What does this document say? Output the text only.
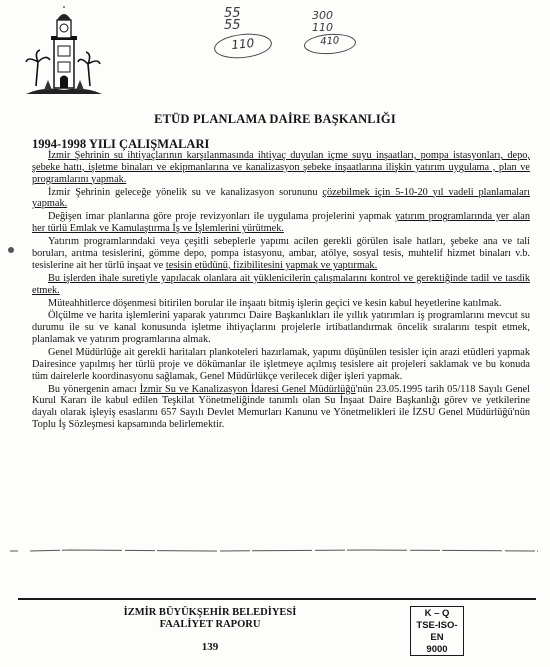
55
55
110
300
110
410
ETÜD PLANLAMA DAİRE BAŞKANLIĞI
1994-1998 YILI ÇALIŞMALARI

İzmir Şehrinin su ihtiyaçlarının karşılanmasında ihtiyaç duyulan içme suyu inşaatları, pompa istasyonları, depo, şebeke hattı, işletme binaları ve ekipmanlarına ve kanalizasyon şebeke inşaatlarına ilişkin yatırım uygulama , plan ve programlarını yapmak.

İzmir Şehrinin geleceğe yönelik su ve kanalizasyon sorununu çözebilmek için 5-10-20 yıl vadeli planlamaları yapmak.

Değişen imar planlarına göre proje revizyonları ile uygulama projelerini yapmak yatırım programlarında yer alan her türlü Emlak ve Kamulaştırma İş ve İşlemlerini yürütmek.

Yatırım programlarındaki veya çeşitli sebeplerle yapımı acilen gerekli görülen isale hatları, şebeke ana ve tali boruları, arıtma tesislerini, gömme depo, pompa istasyonu, ambar, atölye, sosyal tesis, muhtelif hizmet binaları v.b. tesislerine ait her türlü inşaat ve tesisin etüdünü, fizibilitesini yapmak ve yaptırmak.

Bu işlerden ihale suretiyle yapılacak olanlara ait yüklenicilerin çalışmalarını kontrol ve gerektiğinde tadil ve tasdik etmek.

Müteahhitlerce döşenmesi bitirilen borular ile inşaatı bitmiş işlerin geçici ve kesin kabul heyetlerine katılmak.

Ölçülme ve harita işlemlerini yaparak yatırımcı Daire Başkanlıkları ile yıllık yatırımları iş programlarını mevcut su durumu ile su ve kanal konusunda işletme ihtiyaçlarını projelerle irtibatlandırmak öncelik sıralarını tespit etmek, planlamak ve yatırım programlarına almak.

Genel Müdürlüğe ait gerekli haritaları plankoteleri hazırlamak, yapımı düşünülen tesisler için arazi etüdleri yapmak Dairesince yapılmış her türlü proje ve dökümanlar ile işletmeye açılmış tesislere ait projeleri saklamak ve bu konuda tüm dairelerle koordinasyonu sağlamak, Genel Müdürlükçe verilecek diğer işleri yapmak.

Bu yönergenin amacı İzmir Su ve Kanalizasyon İdaresi Genel Müdürlüğü'nün 23.05.1995 tarih 05/118 Sayılı Genel Kurul Kararı ile kabul edilen Teşkilat Yönetmeliğinde tanımlı olan Su İnşaat Daire Başkanlığı görev ve yetkilerine dayalı olarak işleyiş esaslarını 657 Sayılı Devlet Memurları Kanunu ve Yönetmelikleri ile İZSU Genel Müdürlüğü'nün Toplu İş Sözleşmesi kapsamında belirlemektir.

İZMİR BÜYÜKŞEHİR BELEDİYESİ
FAALİYET RAPORU
139
K – Q
TSE-ISO-EN
9000
